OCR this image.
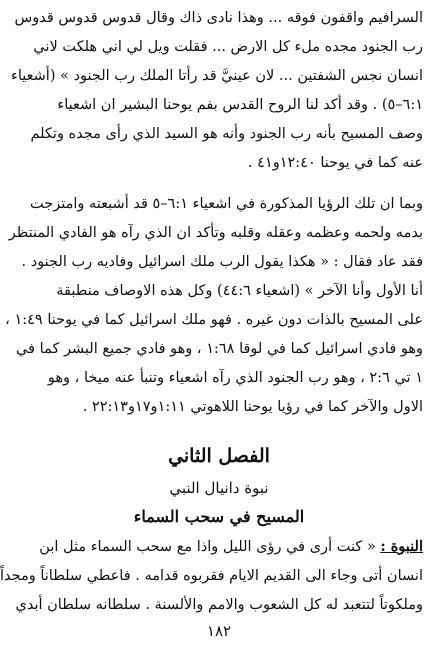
السرافيم واقفون فوقه ... وهذا نادى ذاك وقال قدوس قدوس قدوس
رب الجنود مجده ملء كل الارض ... فقلت ويل لي اني هلكت لاني
انسان نجس الشفتين ... لان عينيَّ قد رأتا الملك رب الجنود » (أشعياء
٦:١–٥) . وقد أكد لنا الروح القدس بفم يوحنا البشير ان اشعياء
وصف المسيح بأنه رب الجنود وأنه هو السيد الذي رأى مجده وتكلم
عنه كما في يوحنا ١٢:٤٠و٤١ .

وبما ان تلك الرؤيا المذكورة في اشعياء ٦:١–٥ قد أشبعته وامتزجت
بدمه ولحمه وعظمه وعقله وقلبه وتأكد ان الذي رآه هو الفادي المنتظر
فقد عاد فقال : « هكذا يقول الرب ملك اسرائيل وفاديه رب الجنود .
أنا الأول وأنا الآخر » (اشعياء ٤٤:٦) وكل هذه الاوصاف منطبقة
على المسيح بالذات دون غيره . فهو ملك اسرائيل كما في يوحنا ١:٤٩ ،
وهو فادي اسرائيل كما في لوقا ١:٦٨ ، وهو فادي جميع البشر كما في
١ تي ٢:٦ ، وهو رب الجنود الذي رآه اشعياء وتنبأ عنه ميخا ، وهو
الاول والآخر كما في رؤيا يوحنا اللاهوتي ١:١١و١٧و٢٢:١٣ .

الفصل الثاني

نبوة دانيال النبي

المسيح في سحب السماء

النبوة : « كنت أرى في رؤى الليل واذا مع سحب السماء مثل ابن
انسان أتى وجاء الى القديم الايام فقربوه قدامه . فاعطي سلطاناً ومجداً
وملكوتاً لتتعبد له كل الشعوب والامم والألسنة . سلطانه سلطان أبدي

١٨٢
